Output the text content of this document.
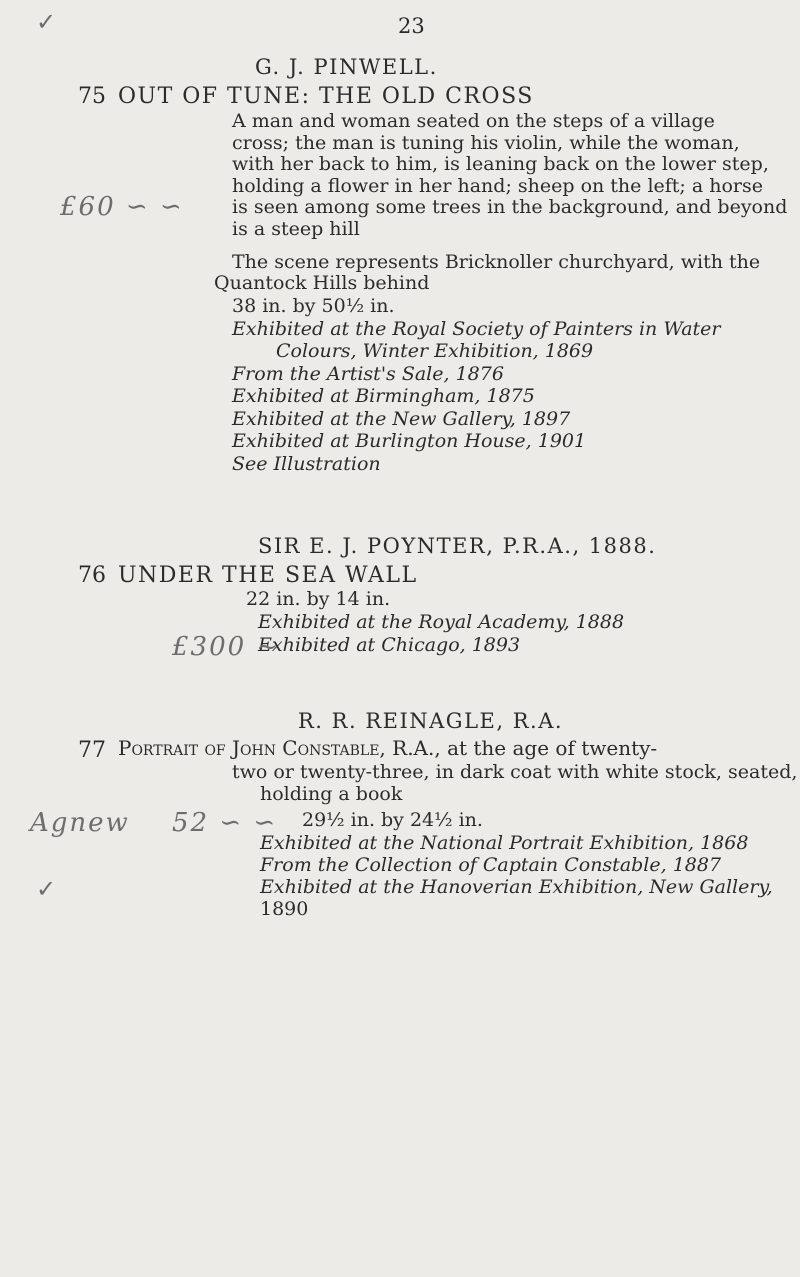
23
G. J. PINWELL.
75 OUT OF TUNE: THE OLD CROSS
A man and woman seated on the steps of a village
cross; the man is tuning his violin, while the woman,
with her back to him, is leaning back on the lower step,
holding a flower in her hand; sheep on the left; a horse
is seen among some trees in the background, and beyond
is a steep hill
£60 ∽ ∽
The scene represents Bricknoller churchyard, with the
Quantock Hills behind
38 in. by 50½ in.
Exhibited at the Royal Society of Painters in Water
Colours, Winter Exhibition, 1869
From the Artist's Sale, 1876
Exhibited at Birmingham, 1875
Exhibited at the New Gallery, 1897
Exhibited at Burlington House, 1901
See Illustration
SIR E. J. POYNTER, P.R.A., 1888.
76 UNDER THE SEA WALL
22 in. by 14 in.
Exhibited at the Royal Academy, 1888
Exhibited at Chicago, 1893
£300 ~
R. R. REINAGLE, R.A.
77 Portrait of John Constable, R.A., at the age of twenty-
two or twenty-three, in dark coat with white stock, seated,
holding a book
Agnew 52 ∽ ∽	29½ in. by 24½ in.
Exhibited at the National Portrait Exhibition, 1868
From the Collection of Captain Constable, 1887
Exhibited at the Hanoverian Exhibition, New Gallery,
1890
✓
✓
